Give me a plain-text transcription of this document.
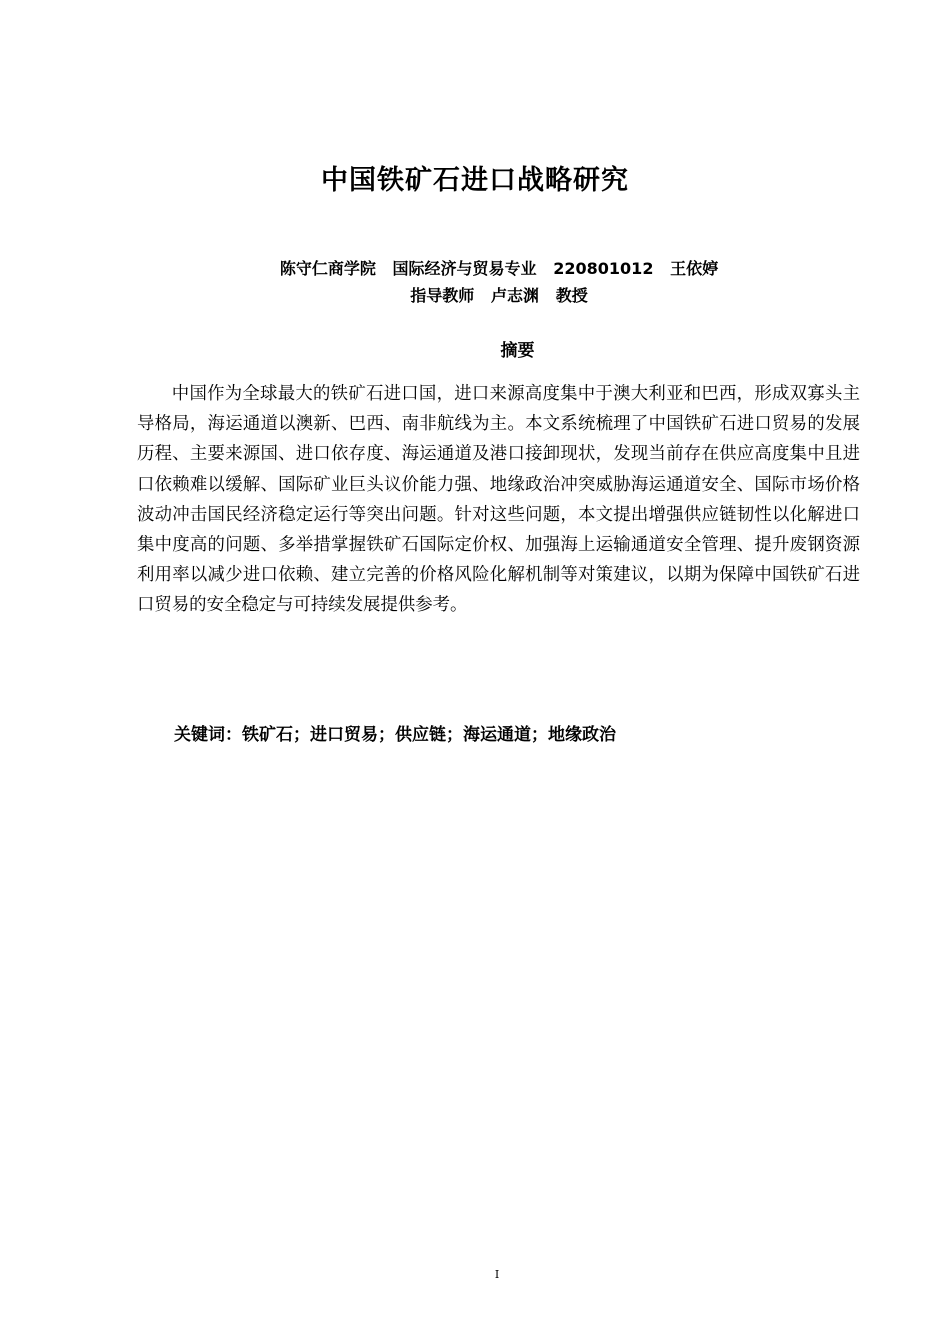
中国铁矿石进口战略研究
陈守仁商学院   国际经济与贸易专业   220801012   王依婷
指导教师   卢志渊   教授
摘要

中国作为全球最大的铁矿石进口国，进口来源高度集中于澳大利亚和巴西，形成双寡头主导格局，海运通道以澳新、巴西、南非航线为主。本文系统梳理了中国铁矿石进口贸易的发展历程、主要来源国、进口依存度、海运通道及港口接卸现状，发现当前存在供应高度集中且进口依赖难以缓解、国际矿业巨头议价能力强、地缘政治冲突威胁海运通道安全、国际市场价格波动冲击国民经济稳定运行等突出问题。针对这些问题，本文提出增强供应链韧性以化解进口集中度高的问题、多举措掌握铁矿石国际定价权、加强海上运输通道安全管理、提升废钢资源利用率以减少进口依赖、建立完善的价格风险化解机制等对策建议，以期为保障中国铁矿石进口贸易的安全稳定与可持续发展提供参考。

关键词：铁矿石；进口贸易；供应链；海运通道；地缘政治
I
